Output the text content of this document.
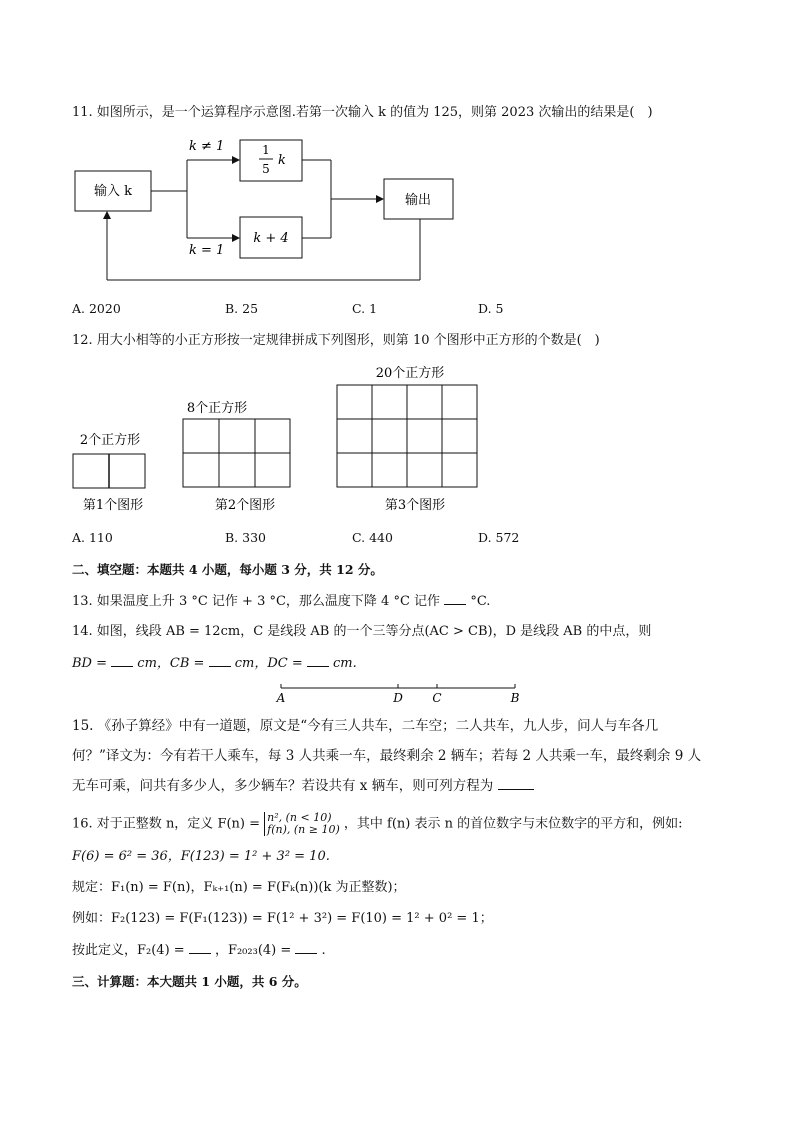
11. 如图所示，是一个运算程序示意图.若第一次输入 k 的值为 125，则第 2023 次输出的结果是(　)
输入 k
k ≠ 1
k = 1
1
5
k
k + 4
输出
A. 2020	B. 25	C. 1	D. 5
12. 用大小相等的小正方形按一定规律拼成下列图形，则第 10 个图形中正方形的个数是(　)
2个正方形
第1个图形
8个正方形
第2个图形
20个正方形
第3个图形
A. 110	B. 330	C. 440	D. 572
二、填空题：本题共 4 小题，每小题 3 分，共 12 分。
13. 如果温度上升 3 °C 记作 + 3 °C，那么温度下降 4 °C 记作 °C.
14. 如图，线段 AB = 12cm，C 是线段 AB 的一个三等分点(AC > CB)，D 是线段 AB 的中点，则
BD = cm，CB = cm，DC = cm.
A	D C	B
15. 《孙子算经》中有一道题，原文是“今有三人共车，二车空；二人共车，九人步，问人与车各几
何？”译文为：今有若干人乘车，每 3 人共乘一车，最终剩余 2 辆车；若每 2 人共乘一车，最终剩余 9 人
无车可乘，问共有多少人，多少辆车？若设共有 x 辆车，则可列方程为
16. 对于正整数 n，定义 F(n) = n², (n < 10)
f(n), (n ≥ 10) ，其中 f(n) 表示 n 的首位数字与末位数字的平方和，例如:
F(6) = 6² = 36，F(123) = 1² + 3² = 10.
规定：F₁(n) = F(n)，Fₖ₊₁(n) = F(Fₖ(n))(k 为正整数)；
例如：F₂(123) = F(F₁(123)) = F(1² + 3²) = F(10) = 1² + 0² = 1；
按此定义，F₂(4) = ，F₂₀₂₃(4) = .
三、计算题：本大题共 1 小题，共 6 分。
